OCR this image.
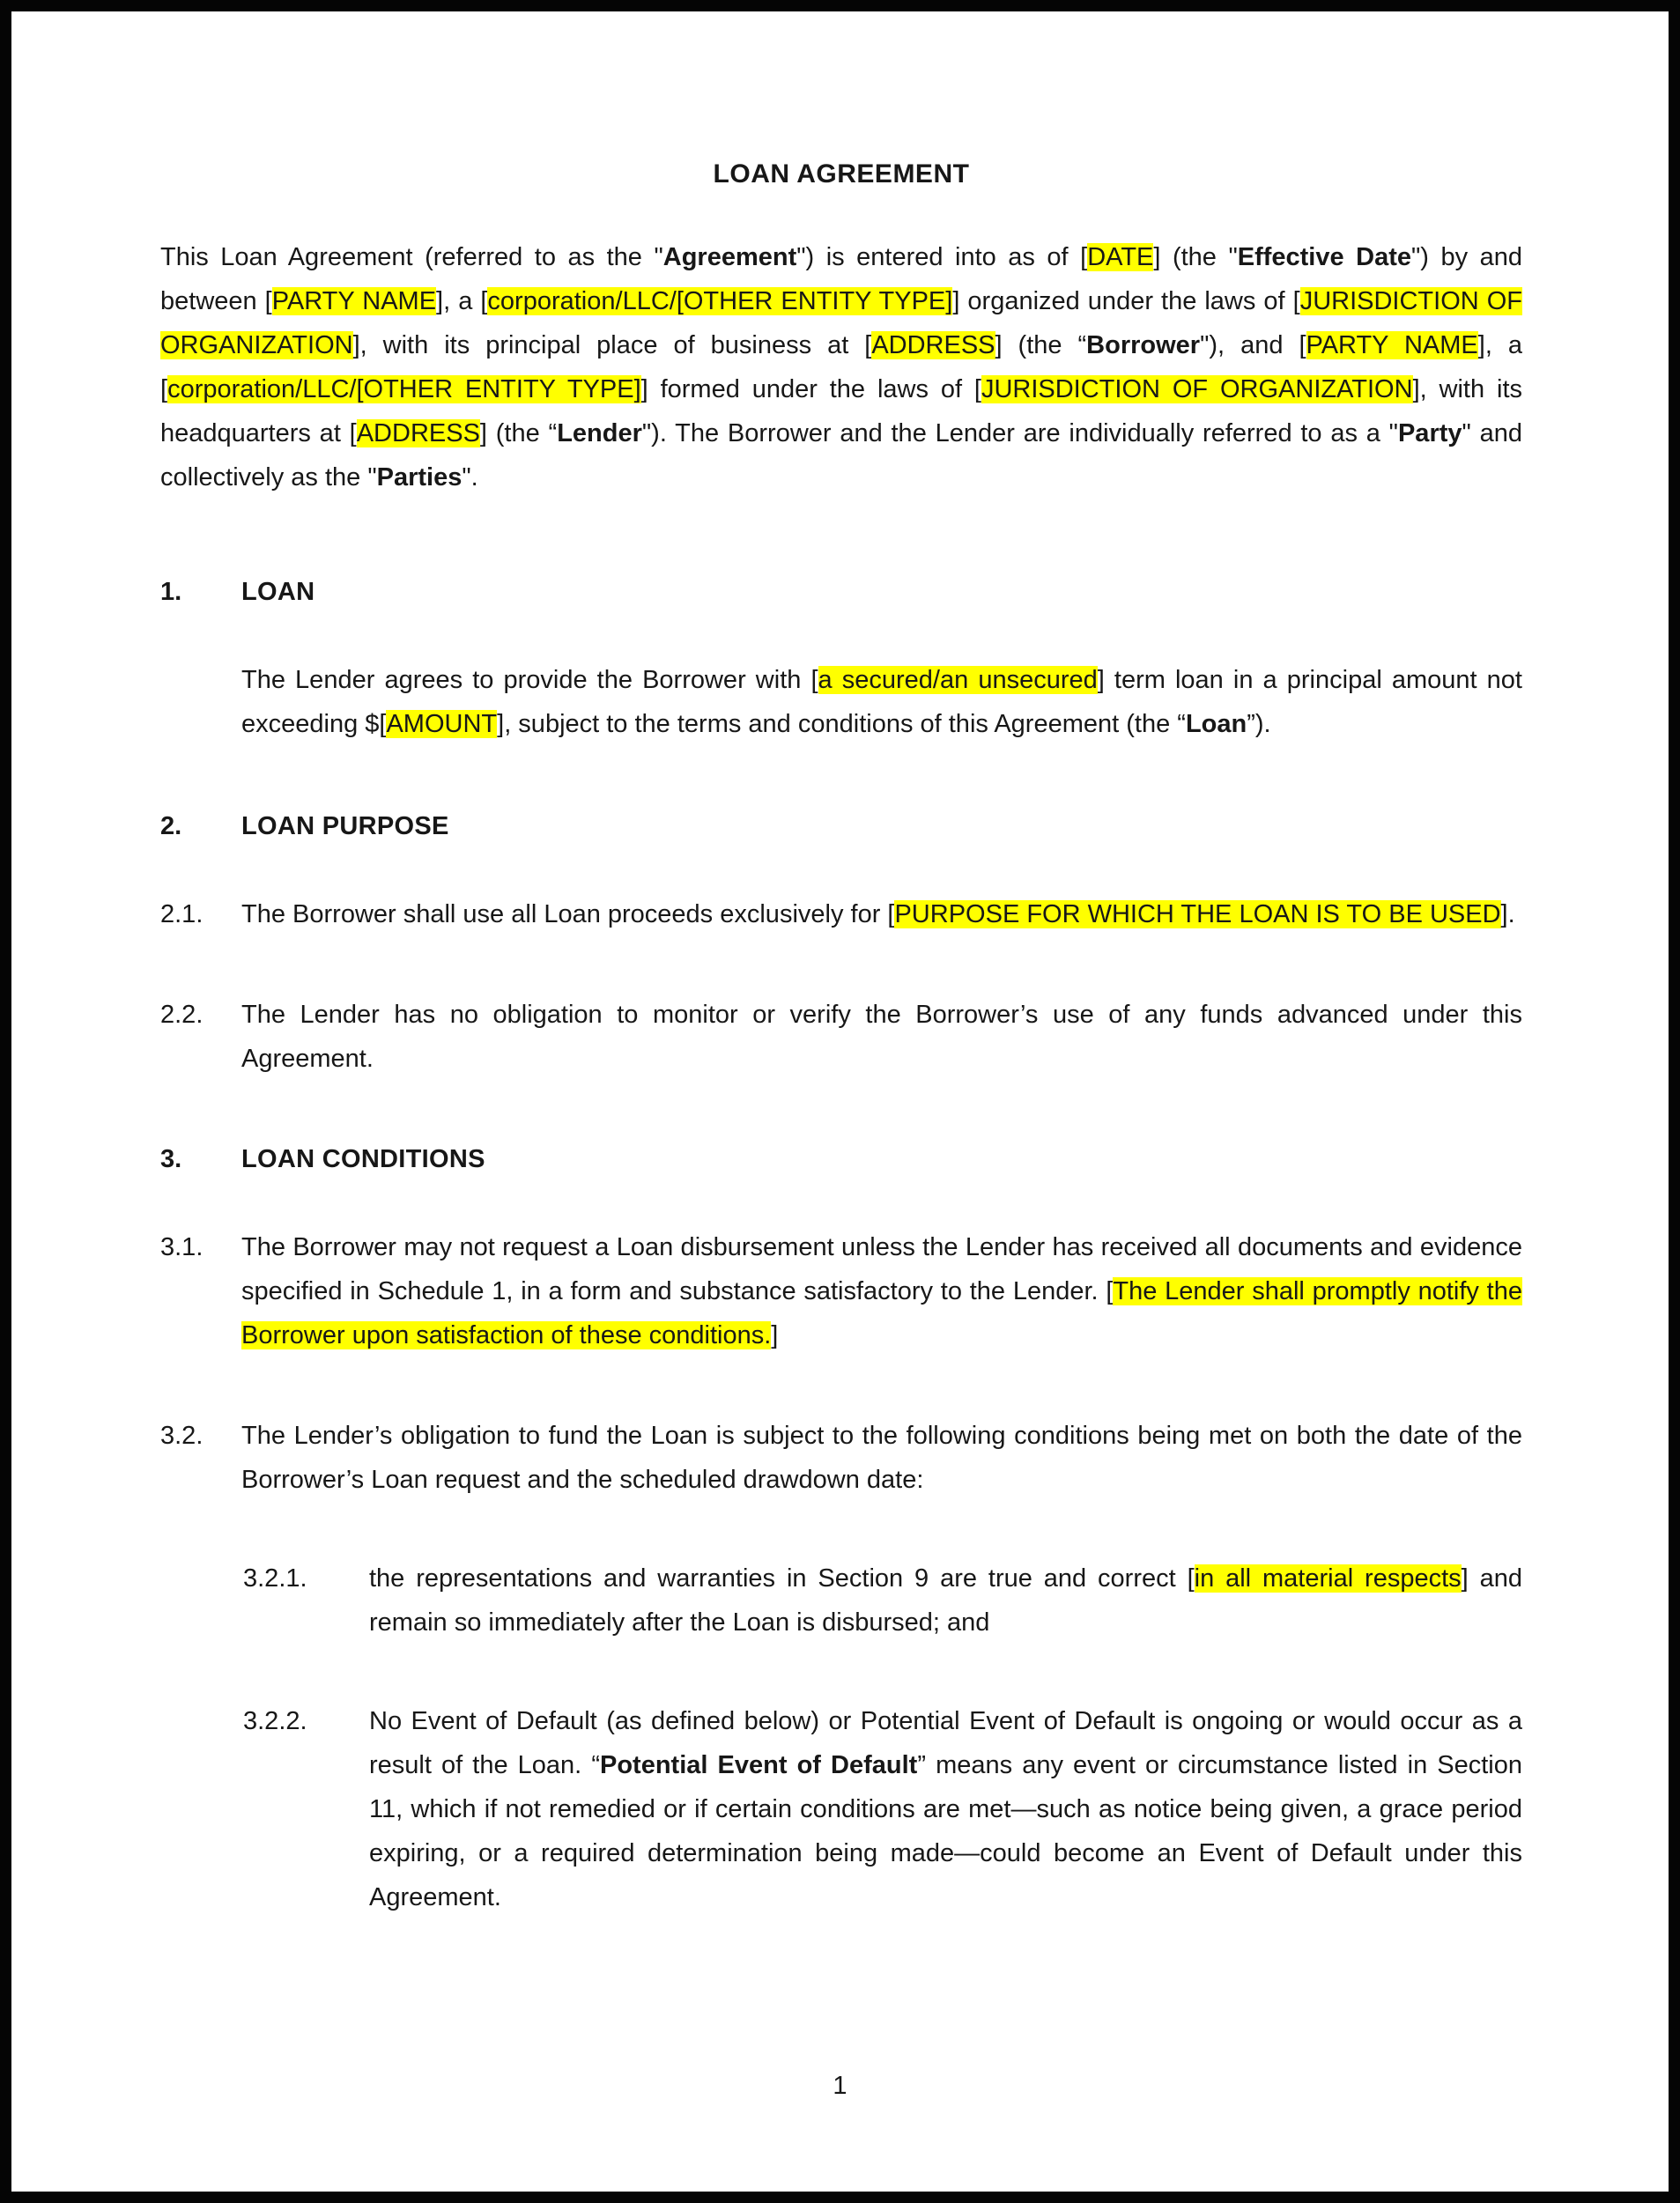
LOAN AGREEMENT

This Loan Agreement (referred to as the "Agreement") is entered into as of [DATE] (the "Effective Date") by and between [PARTY NAME], a [corporation/LLC/[OTHER ENTITY TYPE]] organized under the laws of [JURISDICTION OF ORGANIZATION], with its principal place of business at [ADDRESS] (the “Borrower"), and [PARTY NAME], a [corporation/LLC/[OTHER ENTITY TYPE]] formed under the laws of [JURISDICTION OF ORGANIZATION], with its headquarters at [ADDRESS] (the “Lender"). The Borrower and the Lender are individually referred to as a "Party" and collectively as the "Parties".

1.	LOAN

The Lender agrees to provide the Borrower with [a secured/an unsecured] term loan in a principal amount not exceeding $[AMOUNT], subject to the terms and conditions of this Agreement (the “Loan”).

2.	LOAN PURPOSE
2.1.	The Borrower shall use all Loan proceeds exclusively for [PURPOSE FOR WHICH THE LOAN IS TO BE USED].

2.2.	The Lender has no obligation to monitor or verify the Borrower’s use of any funds advanced under this Agreement.

3.	LOAN CONDITIONS
3.1.	The Borrower may not request a Loan disbursement unless the Lender has received all documents and evidence specified in Schedule 1, in a form and substance satisfactory to the Lender. [The Lender shall promptly notify the Borrower upon satisfaction of these conditions.]

3.2.	The Lender’s obligation to fund the Loan is subject to the following conditions being met on both the date of the Borrower’s Loan request and the scheduled drawdown date:

3.2.1.	the representations and warranties in Section 9 are true and correct [in all material respects] and remain so immediately after the Loan is disbursed; and

3.2.2.	No Event of Default (as defined below) or Potential Event of Default is ongoing or would occur as a result of the Loan. “Potential Event of Default” means any event or circumstance listed in Section 11, which if not remedied or if certain conditions are met—such as notice being given, a grace period expiring, or a required determination being made—could become an Event of Default under this Agreement.

1
